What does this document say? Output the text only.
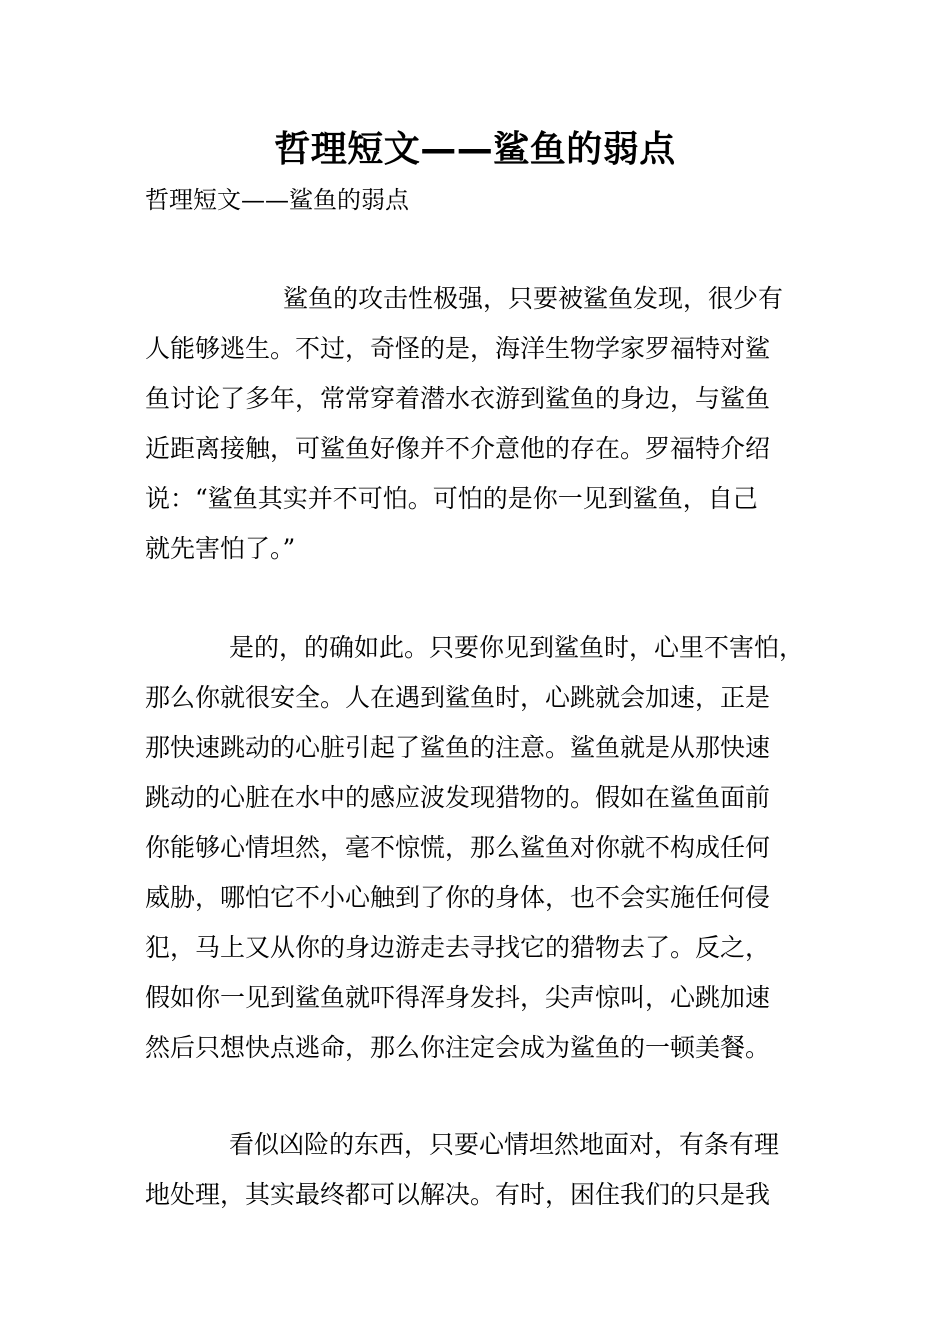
哲理短文——鲨鱼的弱点
哲理短文——鲨鱼的弱点
鲨鱼的攻击性极强，只要被鲨鱼发现，很少有
人能够逃生。不过，奇怪的是，海洋生物学家罗福特对鲨
鱼讨论了多年，常常穿着潜水衣游到鲨鱼的身边，与鲨鱼
近距离接触，可鲨鱼好像并不介意他的存在。罗福特介绍
说：“鲨鱼其实并不可怕。可怕的是你一见到鲨鱼，自己
就先害怕了。”
是的，的确如此。只要你见到鲨鱼时，心里不害怕，
那么你就很安全。人在遇到鲨鱼时，心跳就会加速，正是
那快速跳动的心脏引起了鲨鱼的注意。鲨鱼就是从那快速
跳动的心脏在水中的感应波发现猎物的。假如在鲨鱼面前
你能够心情坦然，毫不惊慌，那么鲨鱼对你就不构成任何
威胁，哪怕它不小心触到了你的身体，也不会实施任何侵
犯，马上又从你的身边游走去寻找它的猎物去了。反之，
假如你一见到鲨鱼就吓得浑身发抖，尖声惊叫，心跳加速
然后只想快点逃命，那么你注定会成为鲨鱼的一顿美餐。
看似凶险的东西，只要心情坦然地面对，有条有理
地处理，其实最终都可以解决。有时，困住我们的只是我
